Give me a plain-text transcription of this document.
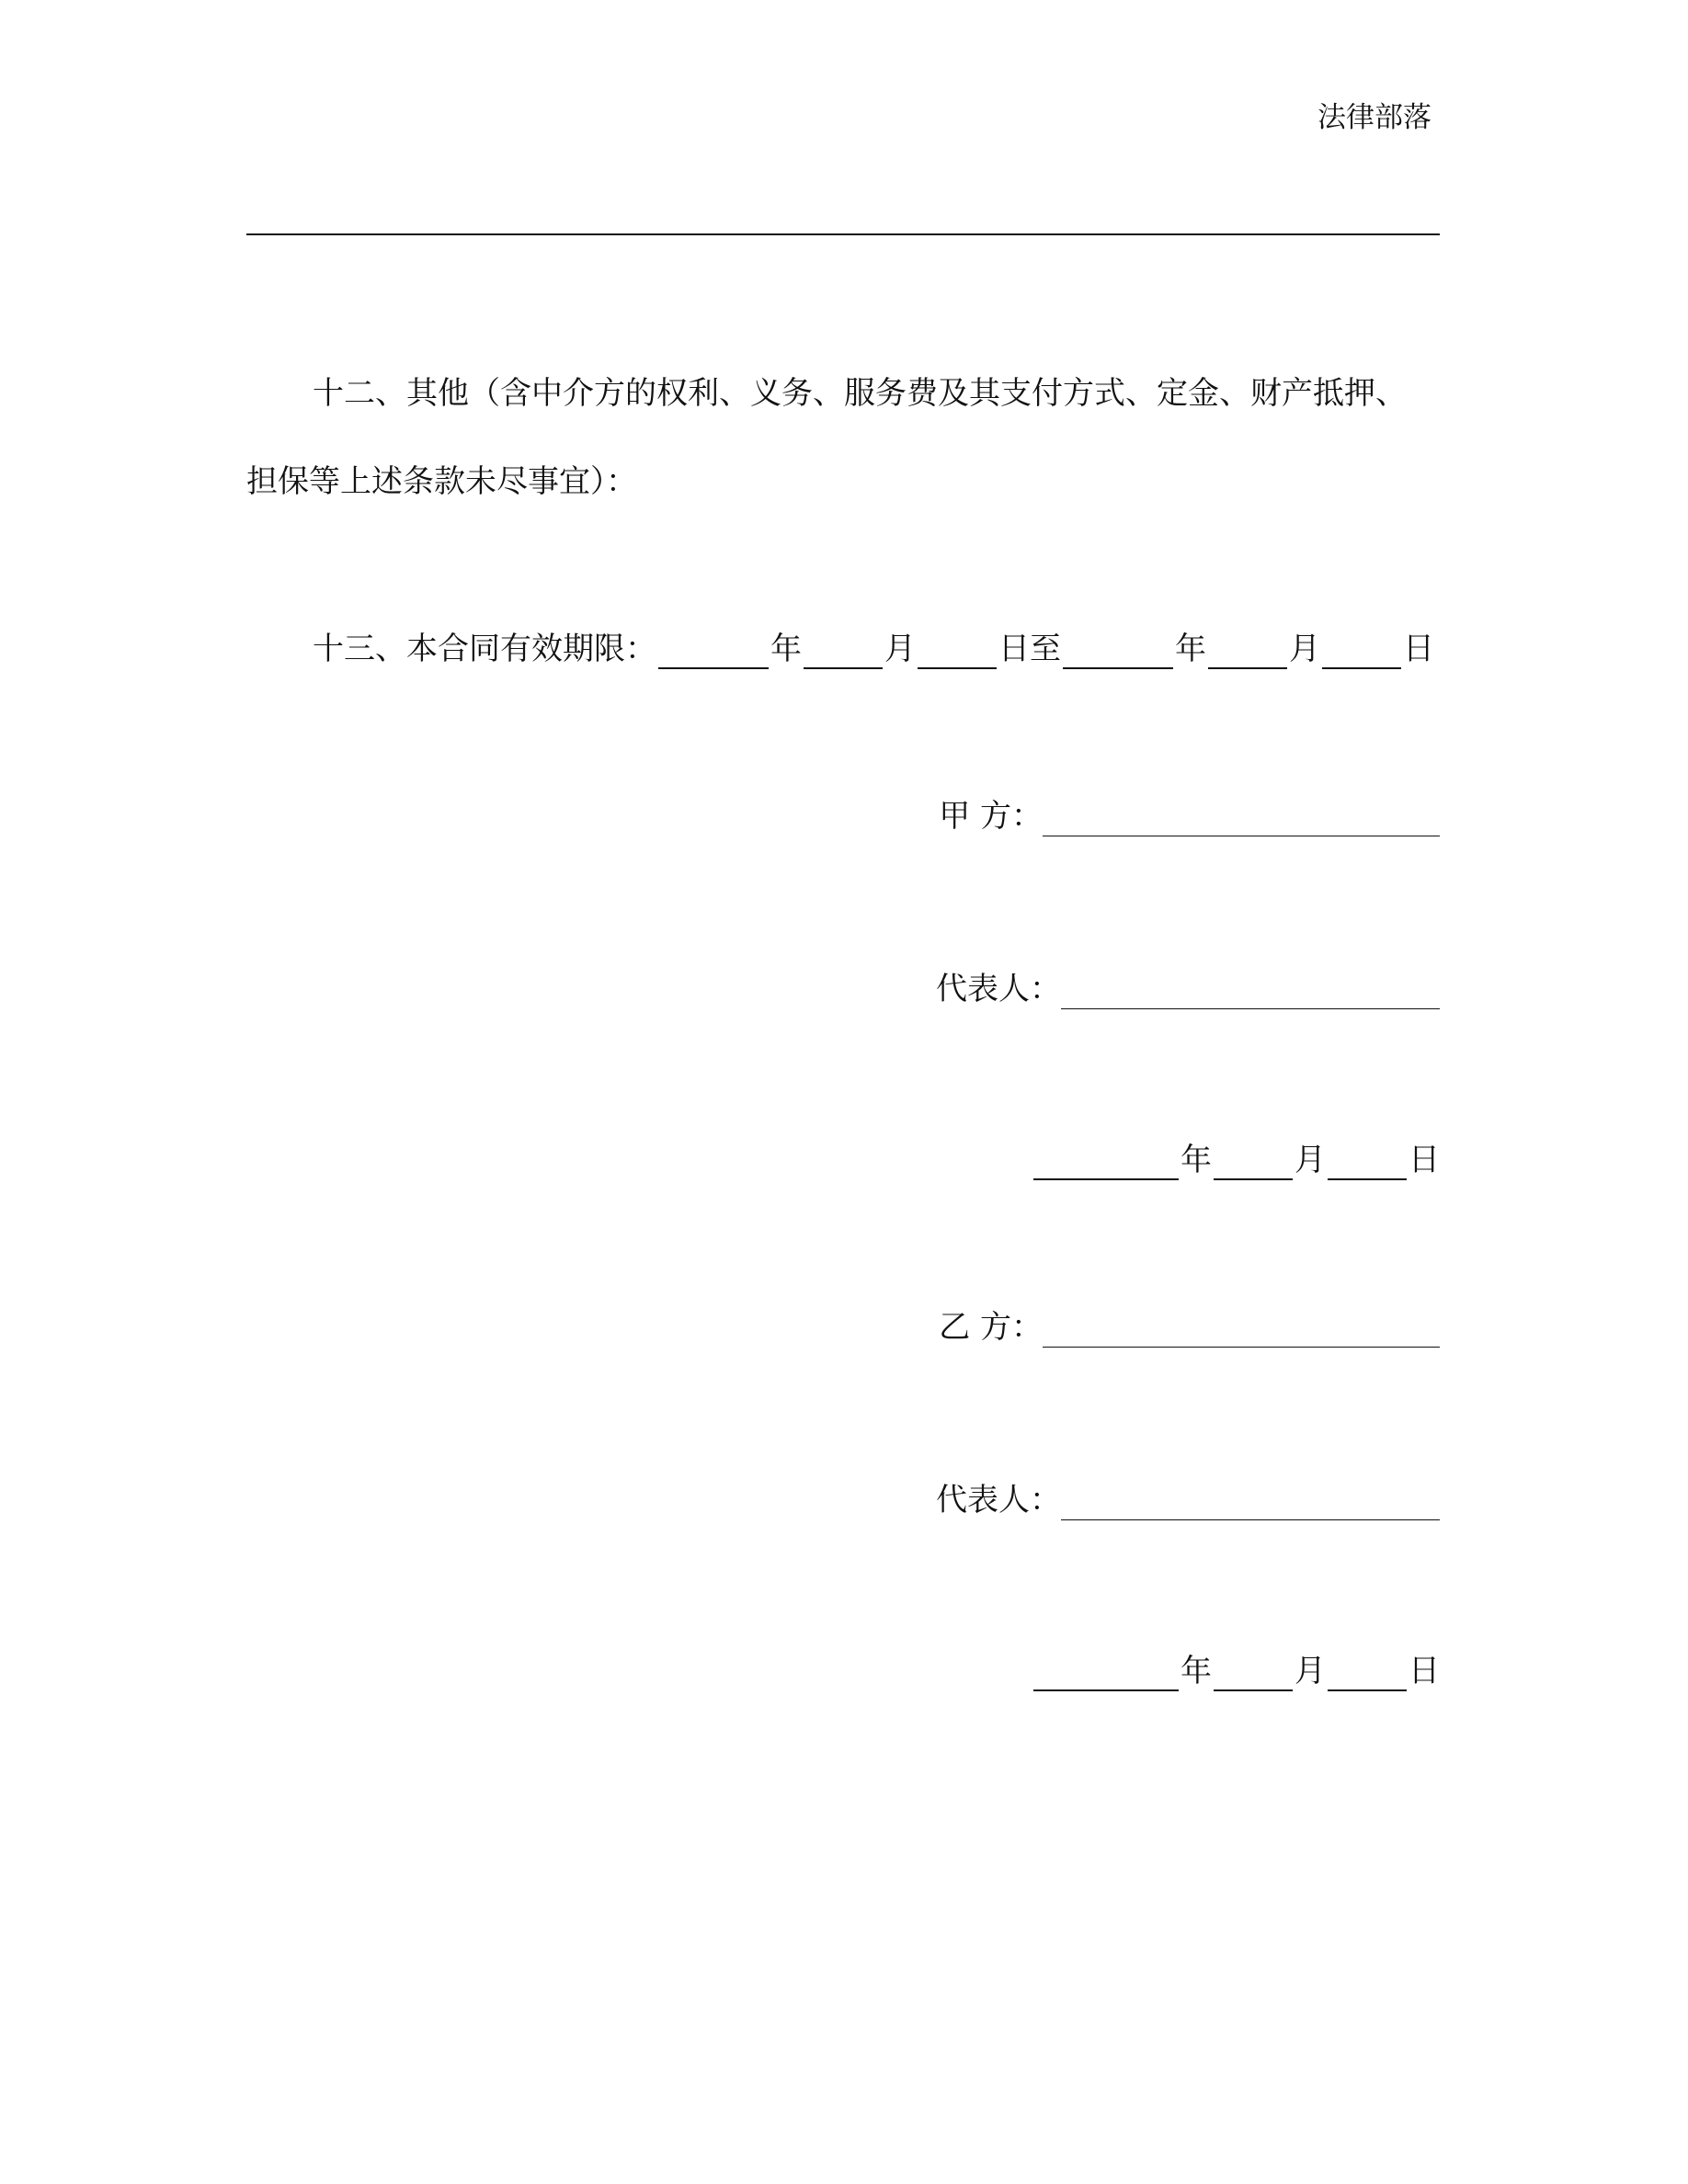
法律部落
十二、其他（含中介方的权利、义务、服务费及其支付方式、定金、财产抵押、
担保等上述条款未尽事宜）：
十三、本合同有效期限：	年	月	日至	年	月	日
甲 方：
代表人：
年	月	日
乙 方：
代表人：
年	月	日
